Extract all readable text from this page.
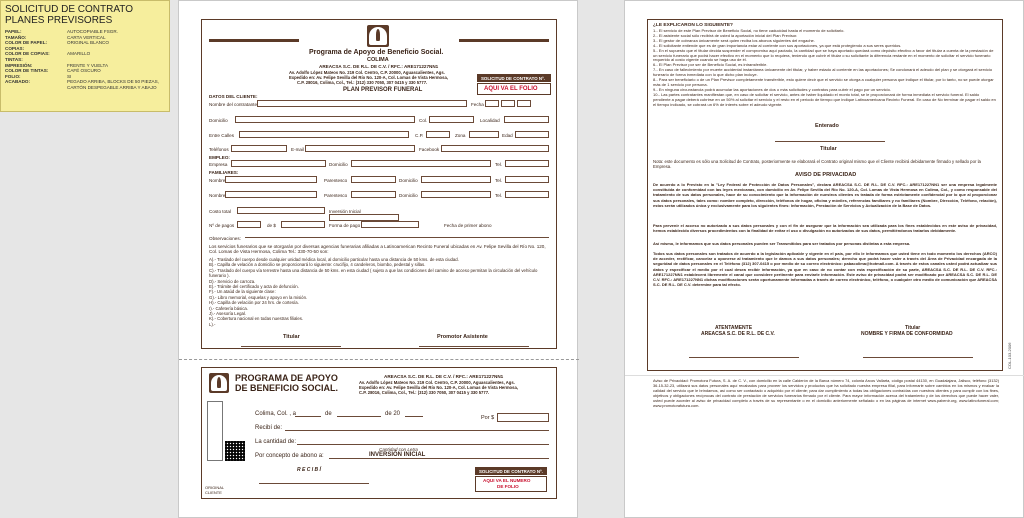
SOLICITUD DE CONTRATO
PLANES PREVISORES
PAPEL:	AUTOCOPIABLE FSGR.
TAMAÑO:	CARTA VERTICAL
COLOR DE PAPEL:	ORIGINAL BLANCO
COPIAS:
COLOR DE COPIAS:	AMARILLO
TINTAS:
IMPRESIÓN:	FRENTE Y VUELTA
COLOR DE TINTAS:	CAFÉ OSCURO
FOLIO:	SI
ACABADO:	PEGADO ARRIBA, BLOCKS DE 50 PIEZAS, CARTÓN DESPEGABLE ARRIBA Y ABAJO
Programa de Apoyo de Beneficio Social.
COLIMA
AREACSA S.C. DE R.L. DE C.V. / RFC.: ARE171227NN1
Av. Adolfo López Mateos No. 219 Col. Centro, C.P. 20000, Aguascalientes, Ags.
Expedido en: Av. Felipe Sevilla del Río No. 120-A, Col. Lomas de Vista Hermosa,
C.P. 28016, Colima, Col., Tel.: (312) 330 7050, 307 0415 y 330 5777.
SOLICITUD DE CONTRATO Nº.
AQUI VA EL FOLIO
PLAN PREVISOR FUNERAL
DATOS DEL CLIENTE:
Nombre del contratante	Fecha
Domicilio	Col.	Localidad
Entre Calles	C.P.	Zona	Edad
Teléfonos	E-mail	Facebook
EMPLEO:
Empresa	Domicilio	Tel.
FAMILIARES:
Nombre	Parentesco	Domicilio	Tel.
Nombre	Parentesco	Domicilio	Tel.
Costo total	Inversión Inicial
Nº de pagos	de $	Forma de pago	Fecha de primer abono
Observaciones:
Los servicios funerarios que se otorgarán por diversas agencias funerarias afiliadas a Latinoamerican Recinto Funeral ubicadas en Av. Felipe Sevilla del Río No. 120, Col. Lomas de Vista Hermosa, Colima Tel.: 330-70-50 son:
A).- Traslado del cuerpo desde cualquier unidad médica local, al domicilio particular hasta una distancia de 50 kms. de esta ciudad.
B).- Capilla de velación a domicilio se proporcionará lo siguiente: crucifijo, 4 candeleros, biombo, pedestal y sillas.
C).- Traslado del cuerpo vía terrestre hasta una distancia de 50 kms. en esta ciudad ( sujeto a que las condiciones del camino de acceso permitan la circulación del vehículo funerario ).
D).- Servicio de carroza.
E).- Trámite del certificado y acta de defunción.
F).- Un ataúd de la siguiente clase:
G).- Libro memorial, esquelas y apoyo en la misión.
H).- Capilla de velación por 24 hrs. de cortesía.
I).- Cafetería básica.
J).- Asesoría Legal.
K).- Cobertura nacional en todas nuestras filiales.
L).-
Titular	Promotor Asistente
PROGRAMA DE APOYO
DE BENEFICIO SOCIAL.
AREACSA S.C. DE R.L. DE C.V. / RFC.: ARE171227NN1
Av. Adolfo López Mateos No. 219 Col. Centro, C.P. 20000, Aguascalientes, Ags.
Expedido en: Av. Felipe Sevilla del Río No. 120-A, Col. Lomas de Vista Hermosa,
C.P. 28016, Colima, Col., Tel.: (312) 330 7050, 307 0415 y 330 5777.
Colima, Col. , a	de	de 20
Por $
Recibí de:
La cantidad de:
Cantidad con Letra
Por concepto de abono a:	INVERSIÓN INICIAL
R E C I B Í	SOLICITUD DE CONTRATO Nº.
AQUI VA EL NUMERO
DE FOLIO
ORIGINAL
CLIENTE
¿LE EXPLICARON LO SIGUIENTE?
1.- El servicio de este Plan Previsor de Beneficio Social, no tiene caducidad hasta el momento de solicitarlo.
2.- El asistente social sólo recibirá de usted la aportación inicial del Plan Previsor.
3.- El gestor de cobranza únicamente será quien reciba los abonos siguientes del engache.
4.- El solicitante entiende que es de gran importancia estar al corriente con sus aportaciones, ya que está protegiendo a sus seres queridos.
5.- En el supuesto que el titular decida suspender el compromiso aquí pactado, la cantidad que se haya aportado quedará como depósito efectivo a favor del titular a cuenta de la prestación de un servicio funerario que podrá hacer efectivo en el momento que lo requiera, teniendo que cubrir el titular o su solicitante la diferencia restante en el momento de solicitar el servicio funerario requerido al costo vigente cuando se haga uso de él.
6.- El Plan Previsor por ser de Beneficio Social, es intransferible.
7.- En caso de fallecimiento por muerte accidental instantánea únicamente del titular, y haber estado al corriente en las aportaciones; Se condonará el adeudo del plan y se otorgará el servicio funerario de forma inmediata con lo que dicho plan incluye.
8.- Para ser beneficiario o de un Plan Previsor completamente transferible, esto quiere decir que el servicio se otorga a cualquier persona que indique el titular, por lo tanto, no se puede otorgar más de 1 servicio por persona.
9.- En ninguna circunstancia podrá acumular las aportaciones de dos o más solicitudes y contratos para cubrir el pago por un servicio.
10.- Las partes contratantes manifiestan que, en caso de solicitar el servicio, antes de haber liquidado el monto total, se le proporcionará de forma inmediata el servicio funeral. El saldo pendiente a pagar deberá cubrirse en un 50% al solicitar el servicio y el resto en el periodo de tiempo que indique Latinoamericana Recinto Funeral. En caso de No terminar de pagar el saldo en el tiempo indicado, se cobrará un 6% de interés sobre el adeudo vigente.
Enterado
Titular
Nota: este documento es sólo una Solicitud de Contrato, posteriormente se elaborará el Contrato original mismo que el Cliente recibirá debidamente firmado y sellado por la Empresa.
AVISO DE PRIVACIDAD
De acuerdo a lo Previsto en la "Ley Federal de Protección de Datos Personales", declara AREACSA S.C. DE R.L. DE C.V. RFC.: ARE171227NN1 ser una empresa legalmente constituida de conformidad con las leyes mexicanas, con domicilio en Av. Felipe Sevilla del Río No. 120-A, Col. Lomas de Vista Hermosa en Colima, Col., y como responsable del tratamiento de sus datos personales, hace de su conocimiento que la información de nuestros clientes es tratada de forma estrictamente confidencial por lo que al proporcionar sus datos personales, tales como: nombre completo, dirección, teléfonos de hogar, oficina y móviles, referencias familiares y no familiares (Nombre, Dirección, Teléfono, relación), estos serán utilizados única y exclusivamente para los siguientes fines: Información, Prestación de Servicios y Actualización de la Base de Datos.
Para prevenir el acceso no autorizado a sus datos personales y con el fin de asegurar que la información sea utilizada para los fines establecidos en este aviso de privacidad, hemos establecido diversos procedimientos con la finalidad de evitar el uso o divulgación no autorizados de sus datos, permitiéndonos tratarlos debidamente.
Así mismo, le informamos que sus datos personales pueden ser Transmitidos para ser tratados por personas distintas a esta empresa.
Todos sus datos personales son tratados de acuerdo a la legislación aplicable y vigente en el país, por ello le informamos que usted tiene en todo momento los derechos (ARCO) de acceder, rectificar, cancelar u oponerse al tratamiento que le damos a sus datos personales; derecho que podrá hacer valer a través del Área de Privacidad encargada de la seguridad de datos personales en el Teléfono (312) 307-0415 o por medio de su correo electrónico: pabacolima@hotmail.com. A través de estos canales usted podrá actualizar sus datos y especificar el medio por el cual desea recibir información, ya que en caso de no contar con esta especificación de su parte, AREACSA S.C. DE R.L. DE C.V. RFC.: ARE171227NN1 establecerá libremente el canal que considere pertinente para enviarle información. Este aviso de privacidad podrá ser modificado por AREACSA S.C. DE R.L. DE C.V. RFC.: ARE171227NN1 dichas modificaciones serán oportunamente informadas a través de correo electrónico, teléfono, o cualquier otro medio de comunicación que AREACSA S.C. DE R.L. DE C.V. determine para tal efecto.
ATENTAMENTE
AREACSA S.C. DE R.L. DE C.V.
Titular
NOMBRE Y FIRMA DE CONFORMIDAD
COL-103-2006
Aviso de Privacidad: Promotora Futura, S. A. de C. V., con domicilio en la calle Calderón de la Barca número 74, colonia Arcos Vallarta, código postal 44130, en Guadalajara, Jalisco, teléfono (3132) 36-15-32-23, utilizará sus datos personales aquí recabados para proveer los servicios y productos que ha solicitado nuestra empresa filial, para informarle sobre cambios en los mismos y evaluar la calidad del servicio que le brindamos, así como ser contactado o adquirido por el cliente; para dar cumplimiento a todas las obligaciones contraídas con nuestros clientes y para cumplir con los fines, objetivos y obligaciones recíprocas del contrato de prestación de servicios funerarios firmado por el cliente. Para mayor información acerca del tratamiento y de los derechos que puede hacer valer, usted puede acceder al aviso de privacidad completo a través de su representante o en el domicilio anteriormente señalado o en las páginas de internet www.pabenir.org, www.latinofuneral.com; www.promotorafutura.com.
